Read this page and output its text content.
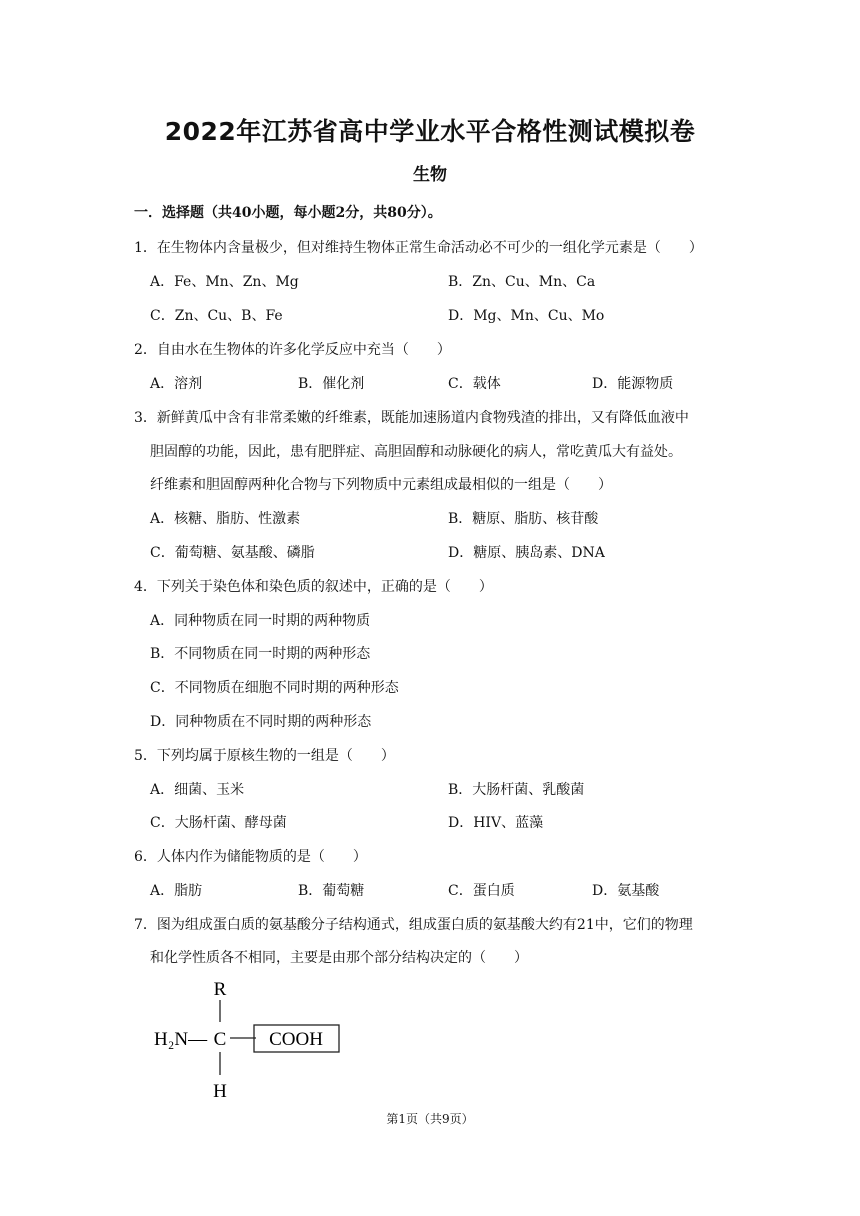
2022年江苏省高中学业水平合格性测试模拟卷
生物
一．选择题（共40小题，每小题2分，共80分）。
1．在生物体内含量极少，但对维持生物体正常生命活动必不可少的一组化学元素是（　　）
A．Fe、Mn、Zn、Mg	B．Zn、Cu、Mn、Ca
C．Zn、Cu、B、Fe	D．Mg、Mn、Cu、Mo
2．自由水在生物体的许多化学反应中充当（　　）
A．溶剂	B．催化剂	C．载体	D．能源物质
3．新鲜黄瓜中含有非常柔嫩的纤维素，既能加速肠道内食物残渣的排出，又有降低血液中
胆固醇的功能，因此，患有肥胖症、高胆固醇和动脉硬化的病人，常吃黄瓜大有益处。
纤维素和胆固醇两种化合物与下列物质中元素组成最相似的一组是（　　）
A．核糖、脂肪、性激素	B．糖原、脂肪、核苷酸
C．葡萄糖、氨基酸、磷脂	D．糖原、胰岛素、DNA
4．下列关于染色体和染色质的叙述中，正确的是（　　）
A．同种物质在同一时期的两种物质
B．不同物质在同一时期的两种形态
C．不同物质在细胞不同时期的两种形态
D．同种物质在不同时期的两种形态
5．下列均属于原核生物的一组是（　　）
A．细菌、玉米	B．大肠杆菌、乳酸菌
C．大肠杆菌、酵母菌	D．HIV、蓝藻
6．人体内作为储能物质的是（　　）
A．脂肪	B．葡萄糖	C．蛋白质	D．氨基酸
7．图为组成蛋白质的氨基酸分子结构通式，组成蛋白质的氨基酸大约有21中，它们的物理
和化学性质各不相同，主要是由那个部分结构决定的（　　）
R
H₂N— C COOH
H
第1页（共9页）
